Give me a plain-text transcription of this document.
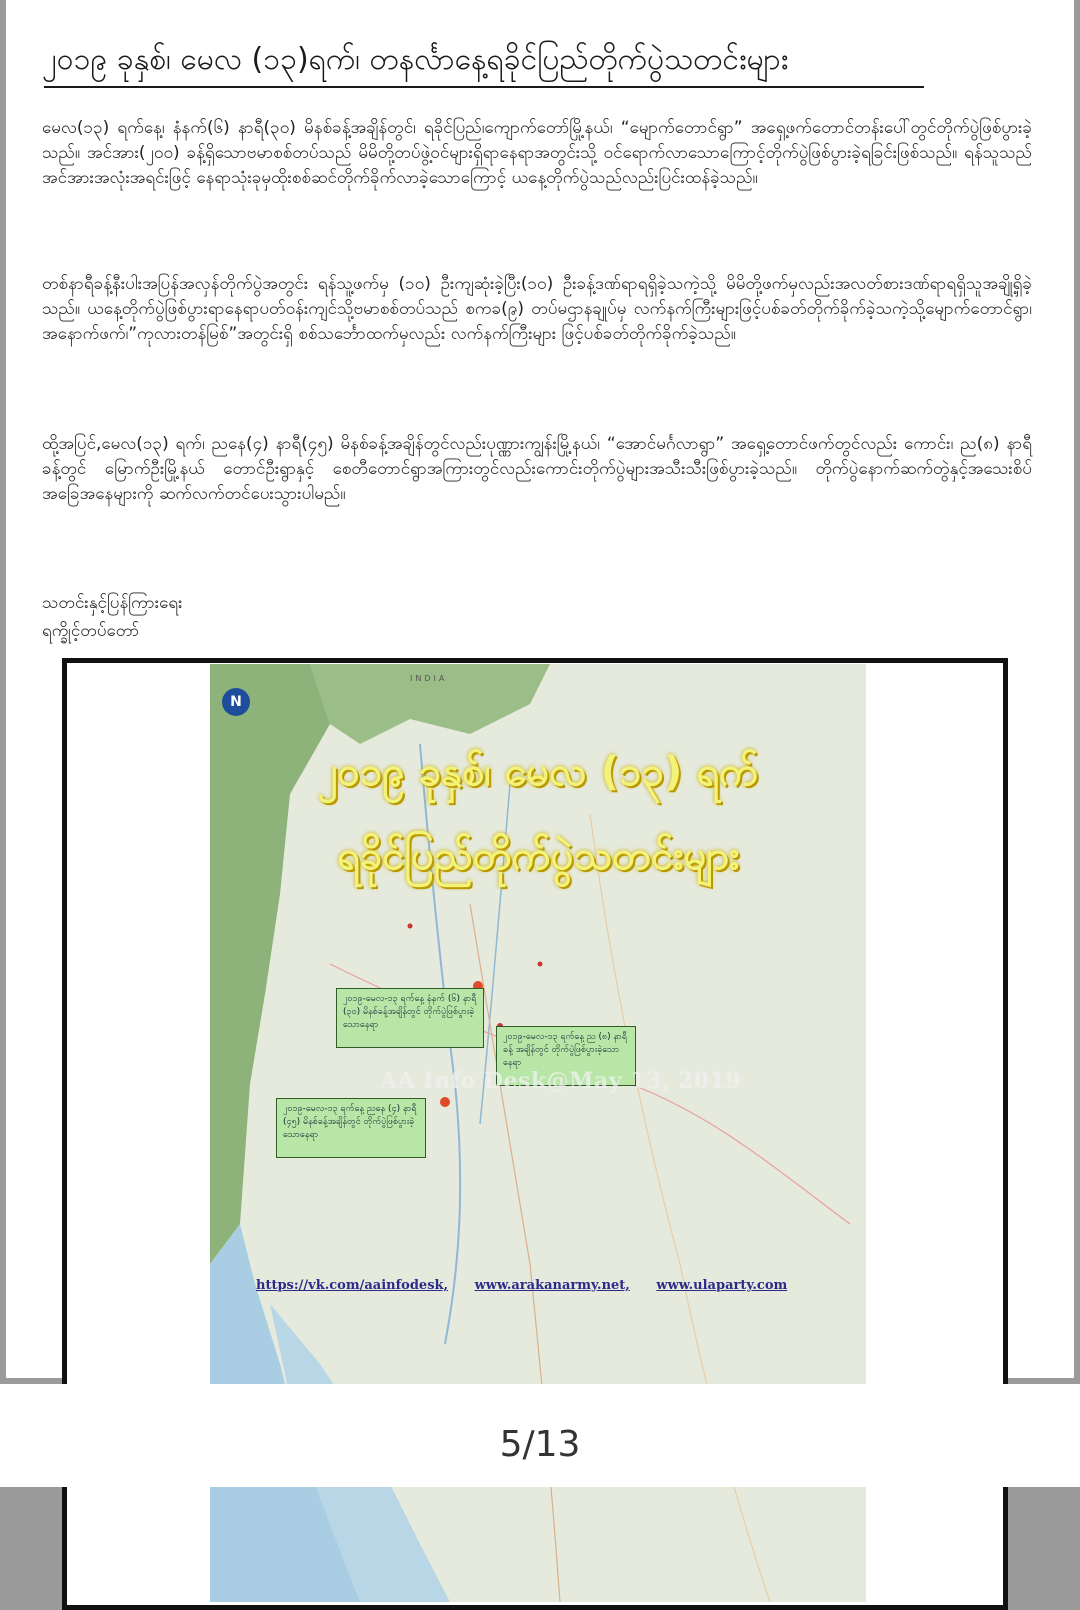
၂၀၁၉ ခုနှစ်၊ မေလ (၁၃)ရက်၊ တနင်္လာနေ့ရခိုင်ပြည်တိုက်ပွဲသတင်းများ
မေလ(၁၃) ရက်နေ့၊ နံနက်(၆) နာရီ(၃၀) မိနစ်ခန့်အချိန်တွင်၊ ရခိုင်ပြည်၊ကျောက်တော်မြို့နယ်၊ “မျောက်တောင်ရွာ” အရှေ့ဖက်တောင်တန်းပေါ်တွင်တိုက်ပွဲဖြစ်ပွားခဲ့သည်။ အင်အား(၂၀၀) ခန့်ရှိသောဗမာစစ်တပ်သည် မိမိတို့တပ်ဖွဲ့ဝင်များရှိရာနေရာအတွင်းသို့ ဝင်ရောက်လာသောကြောင့်တိုက်ပွဲဖြစ်ပွားခဲ့ရခြင်းဖြစ်သည်။ ရန်သူသည်အင်အားအလုံးအရင်းဖြင့် နေရာသုံးခုမှထိုးစစ်ဆင်တိုက်ခိုက်လာခဲ့သောကြောင့် ယနေ့တိုက်ပွဲသည်လည်းပြင်းထန်ခဲ့သည်။
တစ်နာရီခန့်နီးပါးအပြန်အလှန်တိုက်ပွဲအတွင်း ရန်သူ့ဖက်မှ (၁၀) ဦးကျဆုံးခဲ့ပြီး(၁၀) ဦးခန့်ဒဏ်ရာရရှိခဲ့သကဲ့သို့ မိမိတို့ဖက်မှလည်းအလတ်စားဒဏ်ရာရရှိသူအချို့ရှိခဲ့သည်။ ယနေ့တိုက်ပွဲဖြစ်ပွားရာနေရာပတ်ဝန်းကျင်သို့ဗမာစစ်တပ်သည် စကခ(၉) တပ်မဌာနချုပ်မှ လက်နက်ကြီးများဖြင့်ပစ်ခတ်တိုက်ခိုက်ခဲ့သကဲ့သို့မျောက်တောင်ရွာ၊ အနောက်ဖက်၊”ကုလားတန်မြစ်”အတွင်းရှိ စစ်သင်္ဘောထက်မှလည်း လက်နက်ကြီးများ ဖြင့်ပစ်ခတ်တိုက်ခိုက်ခဲ့သည်။
ထို့အပြင်,မေလ(၁၃) ရက်၊ ညနေ(၄) နာရီ(၄၅) မိနစ်ခန့်အချိန်တွင်လည်းပုဏ္ဏားကျွန်းမြို့နယ်၊ “အောင်မင်္ဂလာရွာ” အရှေ့တောင်ဖက်တွင်လည်း ကောင်း၊ ည(၈) နာရီခန့်တွင် မြောက်ဦးမြို့နယ် တောင်ဦးရွာနှင့် စေတီတောင်ရွာအကြားတွင်လည်းကောင်းတိုက်ပွဲများအသီးသီးဖြစ်ပွားခဲ့သည်။ တိုက်ပွဲနောက်ဆက်တွဲနှင့်အသေးစိပ်အခြေအနေများကို ဆက်လက်တင်ပေးသွားပါမည်။
သတင်းနှင့်ပြန်ကြားရေး
ရက္ခိုင့်တပ်တော်
N
INDIA
၂၀၁၉ ခုနှစ်၊ မေလ (၁၃) ရက်
ရခိုင်ပြည်တိုက်ပွဲသတင်းများ
၂၀၁၉-မေလ-၁၃ ရက်နေ့ နံနက် (၆) နာရီ (၃၀) မိနစ်ခန့်အချိန်တွင် တိုက်ပွဲဖြစ်ပွားခဲ့သောနေရာ
၂၀၁၉-မေလ-၁၃ ရက်နေ့ ည (၈) နာရီခန့် အချိန်တွင် တိုက်ပွဲဖြစ်ပွားခဲ့သောနေရာ
၂၀၁၉-မေလ-၁၃ ရက်နေ့ ညနေ (၄) နာရီ (၄၅) မိနစ်ခန့်အချိန်တွင် တိုက်ပွဲဖြစ်ပွားခဲ့သောနေရာ
AA Info Desk@May 13, 2019
https://vk.com/aainfodesk, www.arakanarmy.net, www.ulaparty.com
5/13
